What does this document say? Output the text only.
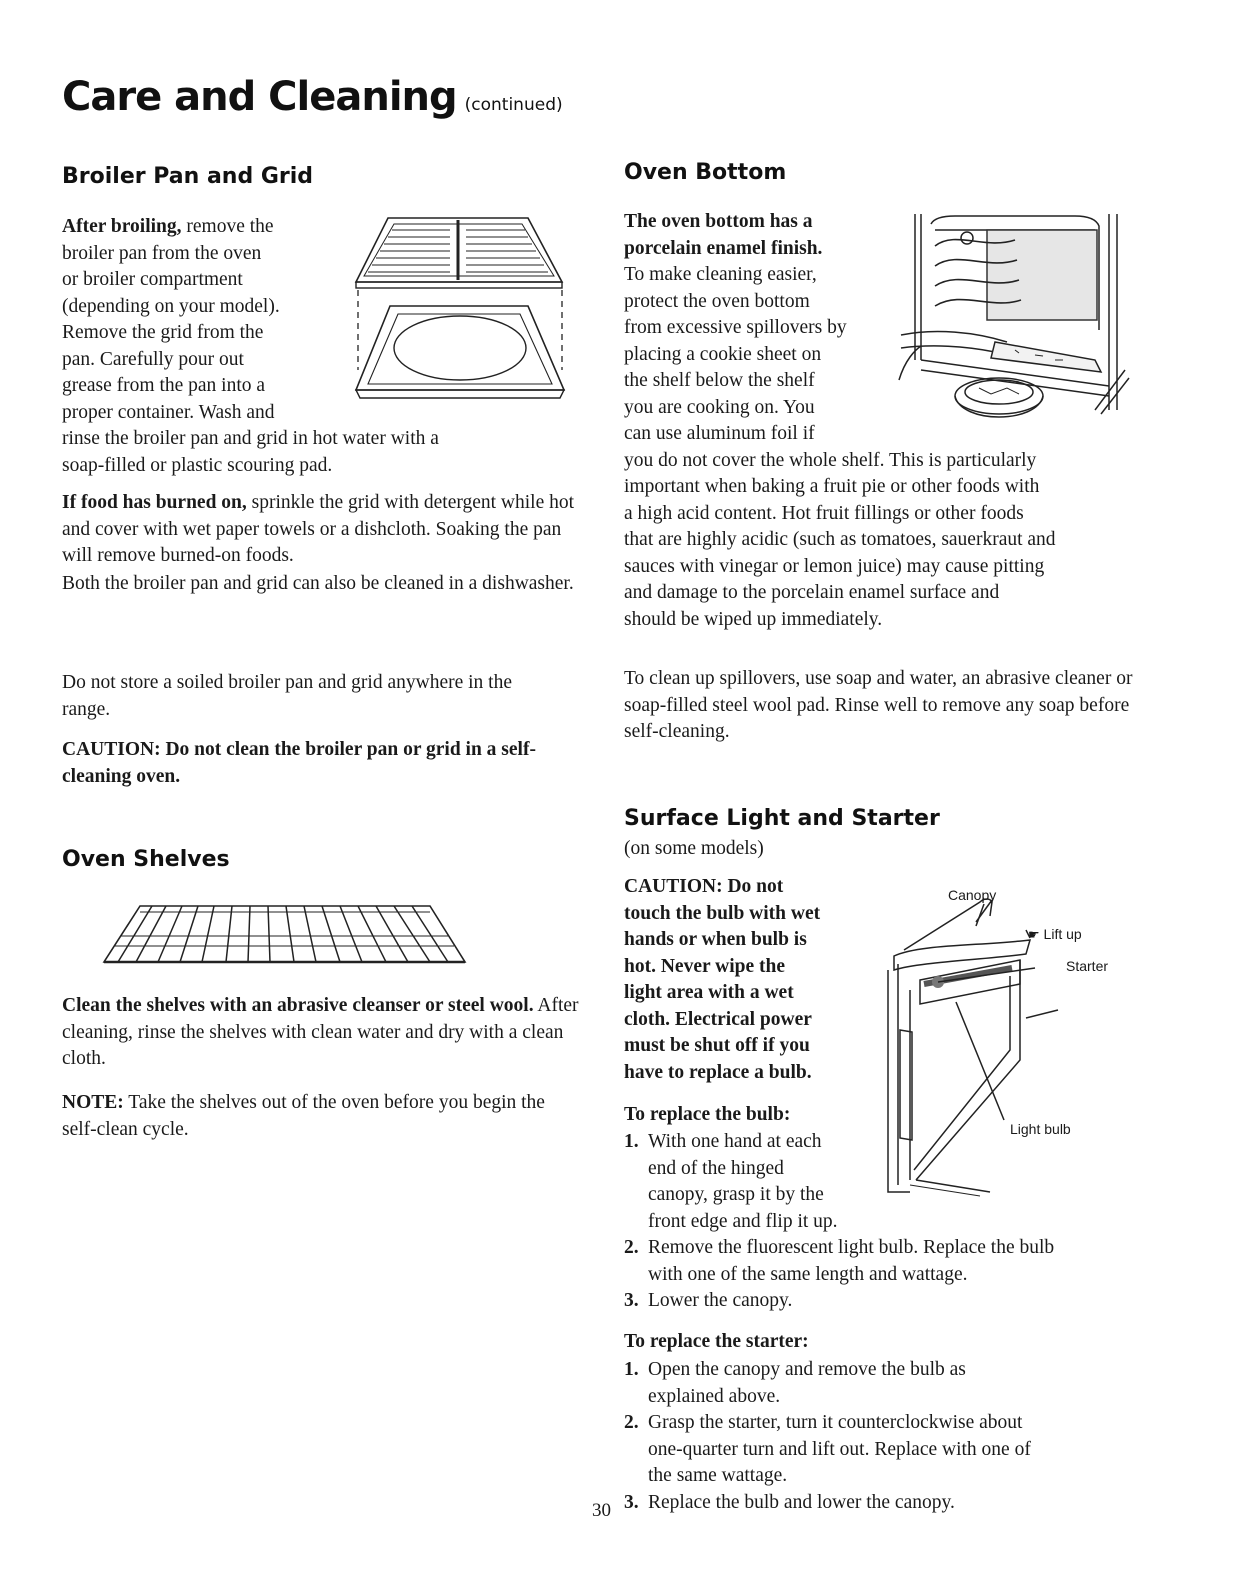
Care and Cleaning (continued)
Broiler Pan and Grid
After broiling, remove the
broiler pan from the oven
or broiler compartment
(depending on your model).
Remove the grid from the
pan. Carefully pour out
grease from the pan into a
proper container. Wash and
rinse the broiler pan and grid in hot water with a
soap-filled or plastic scouring pad.
If food has burned on, sprinkle the grid with detergent while hot and cover with wet paper towels or a dishcloth. Soaking the pan will remove burned-on foods.
Both the broiler pan and grid can also be cleaned in a dishwasher.
Do not store a soiled broiler pan and grid anywhere in the range.
CAUTION: Do not clean the broiler pan or grid in a self-cleaning oven.
Oven Shelves
Clean the shelves with an abrasive cleanser or steel wool. After cleaning, rinse the shelves with clean water and dry with a clean cloth.
NOTE: Take the shelves out of the oven before you begin the self-clean cycle.
Oven Bottom
The oven bottom has a
porcelain enamel finish.
To make cleaning easier,
protect the oven bottom
from excessive spillovers by
placing a cookie sheet on
the shelf below the shelf
you are cooking on. You
can use aluminum foil if
you do not cover the whole shelf. This is particularly
important when baking a fruit pie or other foods with
a high acid content. Hot fruit fillings or other foods
that are highly acidic (such as tomatoes, sauerkraut and
sauces with vinegar or lemon juice) may cause pitting
and damage to the porcelain enamel surface and
should be wiped up immediately.
To clean up spillovers, use soap and water, an abrasive cleaner or soap-filled steel wool pad. Rinse well to remove any soap before self-cleaning.
Surface Light and Starter
(on some models)
CAUTION: Do not
touch the bulb with wet
hands or when bulb is
hot. Never wipe the
light area with a wet
cloth. Electrical power
must be shut off if you
have to replace a bulb.
Canopy
☛ Lift up
Starter
Light bulb
To replace the bulb:
1. With one hand at each
end of the hinged
canopy, grasp it by the
front edge and flip it up.
2. Remove the fluorescent light bulb. Replace the bulb
with one of the same length and wattage.
3. Lower the canopy.
To replace the starter:
1. Open the canopy and remove the bulb as
explained above.
2. Grasp the starter, turn it counterclockwise about
one-quarter turn and lift out. Replace with one of
the same wattage.
3. Replace the bulb and lower the canopy.
30
